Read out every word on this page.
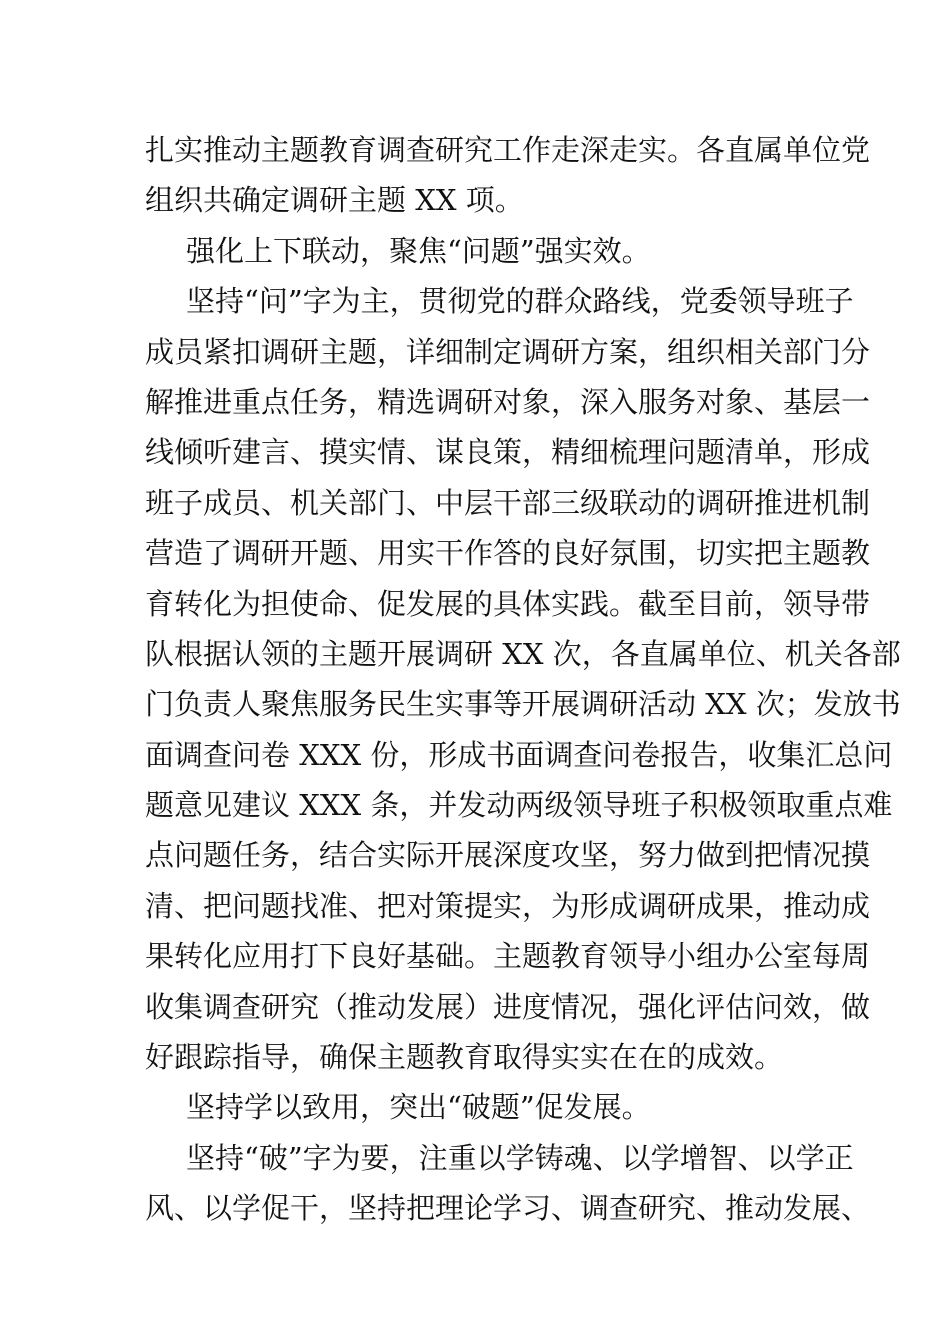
扎实推动主题教育调查研究工作走深走实。各直属单位党
组织共确定调研主题 XX 项。
强化上下联动，聚焦“问题”强实效。
坚持“问”字为主，贯彻党的群众路线，党委领导班子
成员紧扣调研主题，详细制定调研方案，组织相关部门分
解推进重点任务，精选调研对象，深入服务对象、基层一
线倾听建言、摸实情、谋良策，精细梳理问题清单，形成
班子成员、机关部门、中层干部三级联动的调研推进机制
营造了调研开题、用实干作答的良好氛围，切实把主题教
育转化为担使命、促发展的具体实践。截至目前，领导带
队根据认领的主题开展调研 XX 次，各直属单位、机关各部
门负责人聚焦服务民生实事等开展调研活动 XX 次；发放书
面调查问卷 XXX 份，形成书面调查问卷报告，收集汇总问
题意见建议 XXX 条，并发动两级领导班子积极领取重点难
点问题任务，结合实际开展深度攻坚，努力做到把情况摸
清、把问题找准、把对策提实，为形成调研成果，推动成
果转化应用打下良好基础。主题教育领导小组办公室每周
收集调查研究（推动发展）进度情况，强化评估问效，做
好跟踪指导，确保主题教育取得实实在在的成效。
坚持学以致用，突出“破题”促发展。
坚持“破”字为要，注重以学铸魂、以学增智、以学正
风、以学促干，坚持把理论学习、调查研究、推动发展、
